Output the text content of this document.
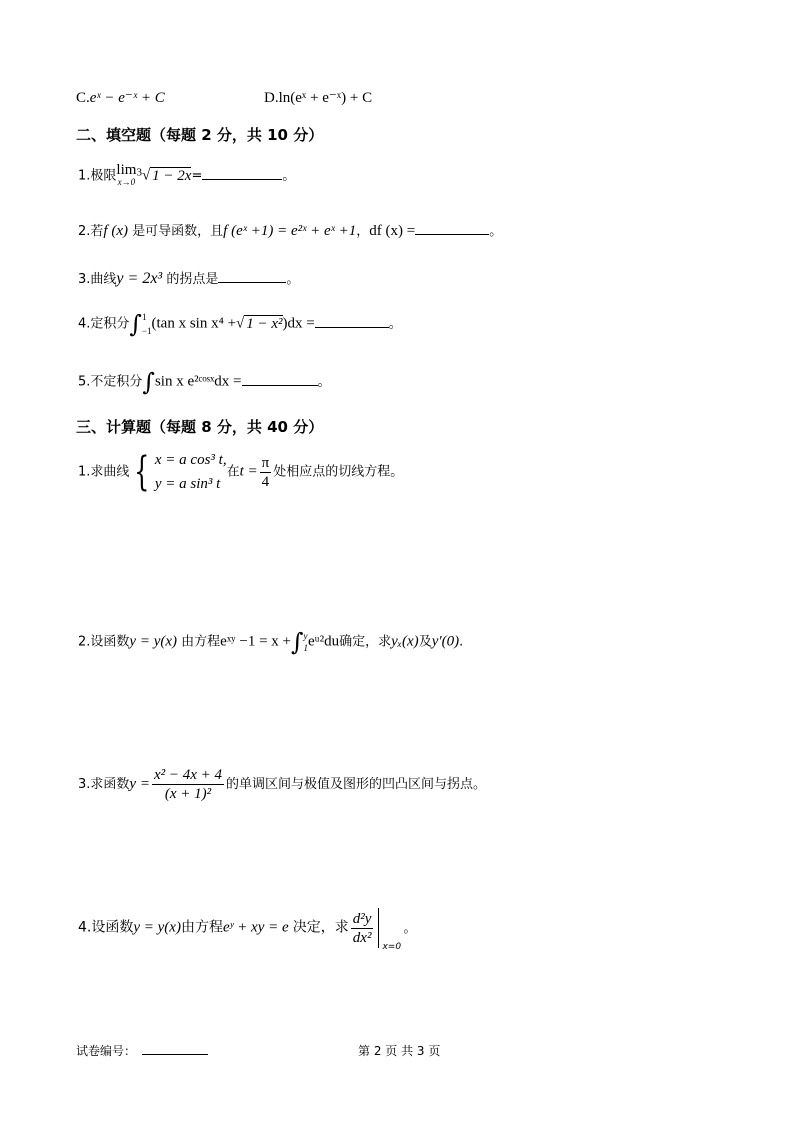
C.eˣ − e⁻ˣ + C	D.ln(eˣ + e⁻ˣ) + C
二、填空题（每题 2 分，共 10 分）
1.极限 lim
x→0
$^3$√ 1 − 2x=	。
2.若f (x) 是可导函数，且f (eˣ +1) = e²ˣ + eˣ +1，df (x) =	。
3.曲线y = 2x³ 的拐点是	。
4.定积分∫ 1
−1 (tan x sin x⁴ +√ 1 − x²)dx =	。
5.不定积分∫sin x e²ᶜᵒˢˣdx =	。
三、计算题（每题 8 分，共 40 分）
1.求曲线 { x = a cos³ t,
y = a sin³ t
在$t = \frac{\pi}{4}$ 处相应点的切线方程。
2.设函数y = y(x) 由方程eˣʸ −1 = x +∫ y
1 eᵘ²du确定，求yₓ(x)及y′(0).
3.求函数$y = \frac{\text{x² − 4x + 4}}{\text{(x + 1)²}}$ 的单调区间与极值及图形的凹凸区间与拐点。
4.设函数y = y(x)由方程eʸ + xy = e 决定，求 $\frac{\text{d²y}}{\text{dx²}}$
x=0
。
试卷编号：	第 2 页 共 3 页
